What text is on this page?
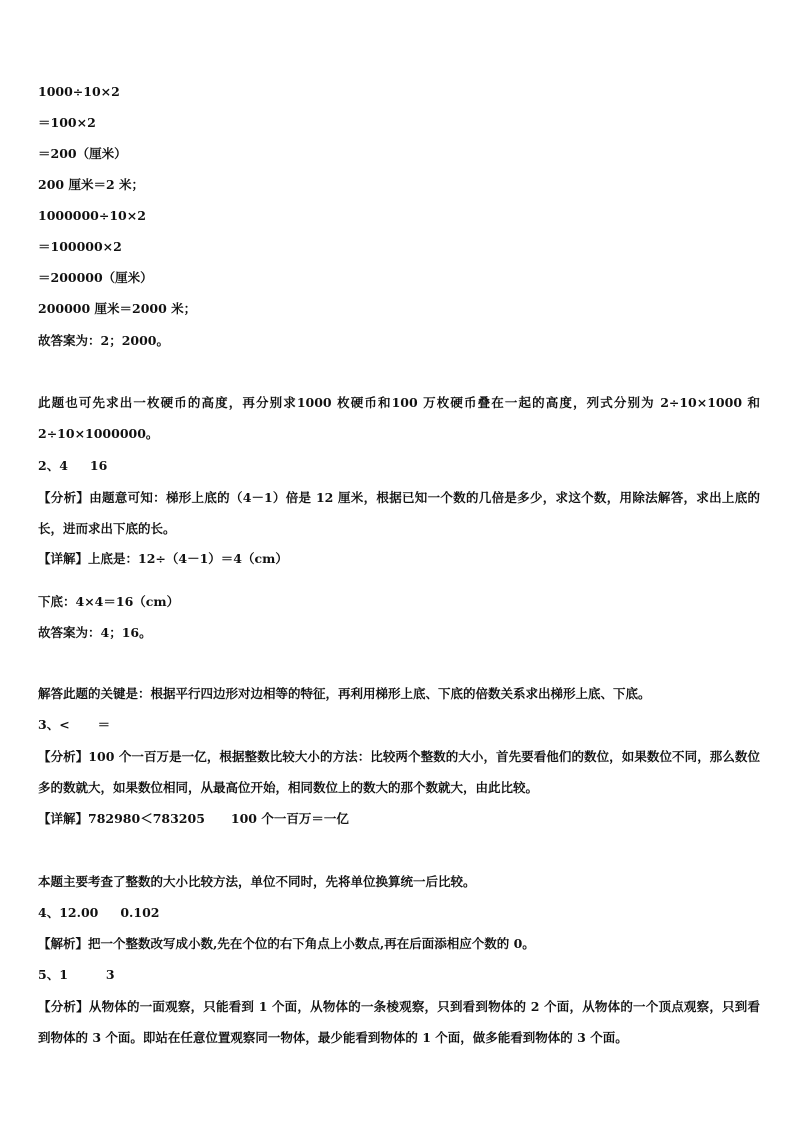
1000÷10×2
＝100×2
＝200（厘米）
200 厘米＝2 米；
1000000÷10×2
＝100000×2
＝200000（厘米）
200000 厘米＝2000 米；
故答案为：2；2000。
此题也可先求出一枚硬币的高度，再分别求1000 枚硬币和100 万枚硬币叠在一起的高度，列式分别为 2÷10×1000 和 2÷10×1000000。
2、4 16
【分析】由题意可知：梯形上底的（4－1）倍是 12 厘米，根据已知一个数的几倍是多少，求这个数，用除法解答，求出上底的长，进而求出下底的长。
【详解】上底是：12÷（4－1）＝4（cm）
下底：4×4＝16（cm）
故答案为：4；16。
解答此题的关键是：根据平行四边形对边相等的特征，再利用梯形上底、下底的倍数关系求出梯形上底、下底。
3、< ＝
【分析】100 个一百万是一亿，根据整数比较大小的方法：比较两个整数的大小，首先要看他们的数位，如果数位不同，那么数位多的数就大，如果数位相同，从最高位开始，相同数位上的数大的那个数就大，由此比较。
【详解】782980＜783205 100 个一百万＝一亿
本题主要考查了整数的大小比较方法，单位不同时，先将单位换算统一后比较。
4、12.00 0.102
【解析】把一个整数改写成小数,先在个位的右下角点上小数点,再在后面添相应个数的 0。
5、1	3
【分析】从物体的一面观察，只能看到 1 个面，从物体的一条棱观察，只到看到物体的 2 个面，从物体的一个顶点观察，只到看到物体的 3 个面。即站在任意位置观察同一物体，最少能看到物体的 1 个面，做多能看到物体的 3 个面。
